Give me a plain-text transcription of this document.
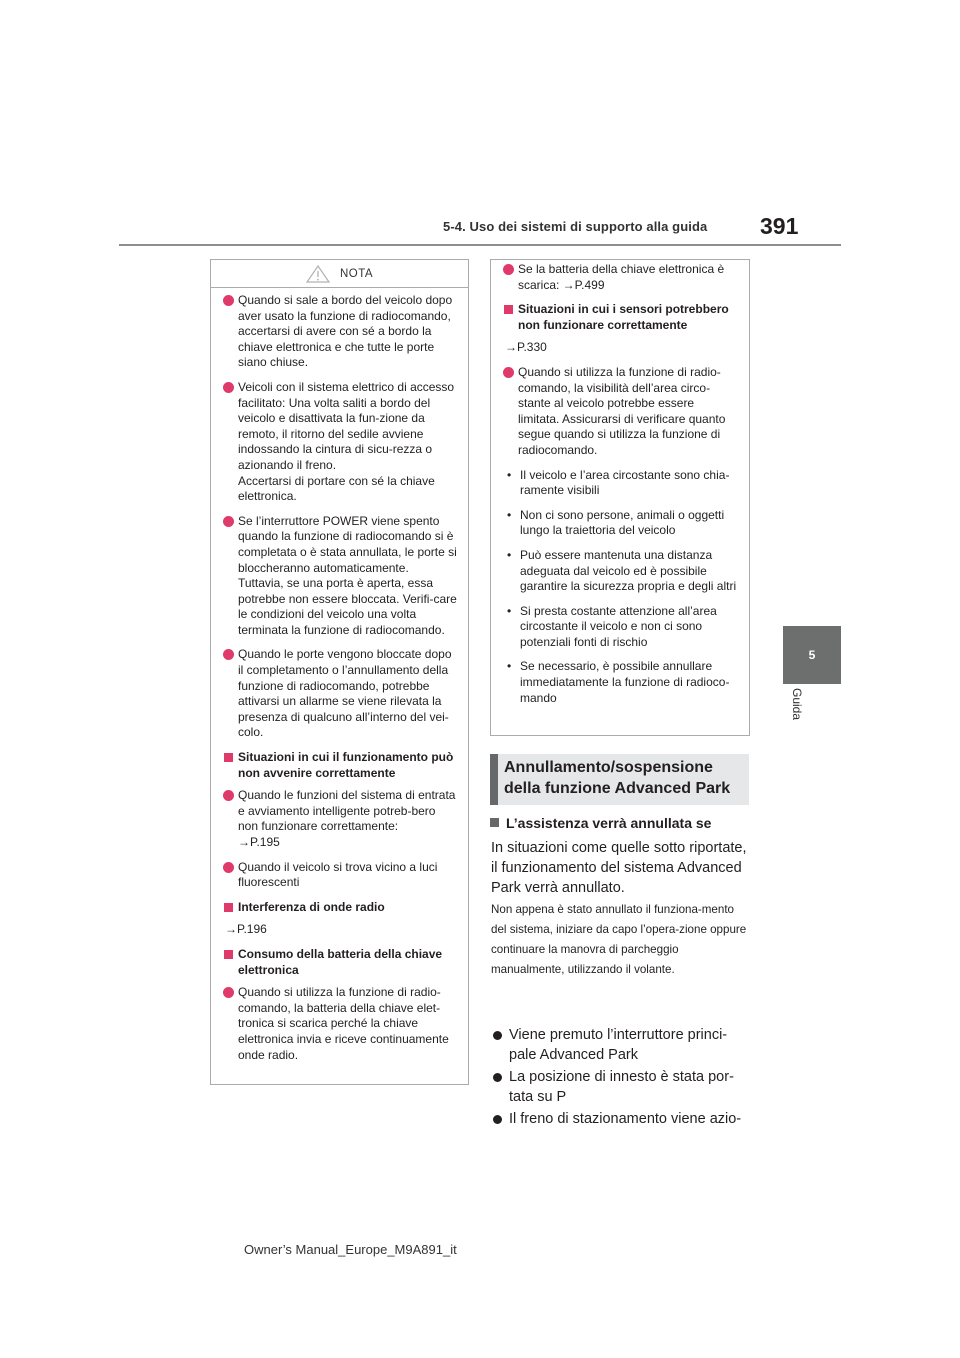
5-4. Uso dei sistemi di supporto alla guida 391
5
Guida
NOTA
Quando si sale a bordo del veicolo dopo aver usato la funzione di radiocomando, accertarsi di avere con sé a bordo la chiave elettronica e che tutte le porte siano chiuse.
Veicoli con il sistema elettrico di accesso facilitato: Una volta saliti a bordo del veicolo e disattivata la fun-zione da remoto, il ritorno del sedile avviene indossando la cintura di sicu-rezza o azionando il freno.
Accertarsi di portare con sé la chiave elettronica.
Se l’interruttore POWER viene spento quando la funzione di radiocomando si è completata o è stata annullata, le porte si bloccheranno automaticamente. Tuttavia, se una porta è aperta, essa potrebbe non essere bloccata. Verifi-care le condizioni del veicolo una volta terminata la funzione di radiocomando.
Quando le porte vengono bloccate dopo il completamento o l’annullamento della funzione di radiocomando, potrebbe attivarsi un allarme se viene rilevata la presenza di qualcuno all’interno del vei-colo.
Situazioni in cui il funzionamento può non avvenire correttamente
Quando le funzioni del sistema di entrata e avviamento intelligente potreb-bero non funzionare correttamente:
→P.195
Quando il veicolo si trova vicino a luci fluorescenti
Interferenza di onde radio
→P.196
Consumo della batteria della chiave elettronica
Quando si utilizza la funzione di radio-comando, la batteria della chiave elet-tronica si scarica perché la chiave elettronica invia e riceve continuamente onde radio.
Se la batteria della chiave elettronica è scarica: →P.499
Situazioni in cui i sensori potrebbero non funzionare correttamente
→P.330
Quando si utilizza la funzione di radio-comando, la visibilità dell’area circo-stante al veicolo potrebbe essere limitata. Assicurarsi di verificare quanto segue quando si utilizza la funzione di radiocomando.
• Il veicolo e l’area circostante sono chia-ramente visibili
• Non ci sono persone, animali o oggetti lungo la traiettoria del veicolo
• Può essere mantenuta una distanza adeguata dal veicolo ed è possibile garantire la sicurezza propria e degli altri
• Si presta costante attenzione all’area circostante il veicolo e non ci sono potenziali fonti di rischio
• Se necessario, è possibile annullare immediatamente la funzione di radioco-mando
Annullamento/sospensione della funzione Advanced Park
L’assistenza verrà annullata se
In situazioni come quelle sotto riportate, il funzionamento del sistema Advanced Park verrà annullato.
Non appena è stato annullato il funziona-mento del sistema, iniziare da capo l’opera-zione oppure continuare la manovra di parcheggio manualmente, utilizzando il volante.
Viene premuto l’interruttore princi-pale Advanced Park
La posizione di innesto è stata por-tata su P
Il freno di stazionamento viene azio-
Owner’s Manual_Europe_M9A891_it
